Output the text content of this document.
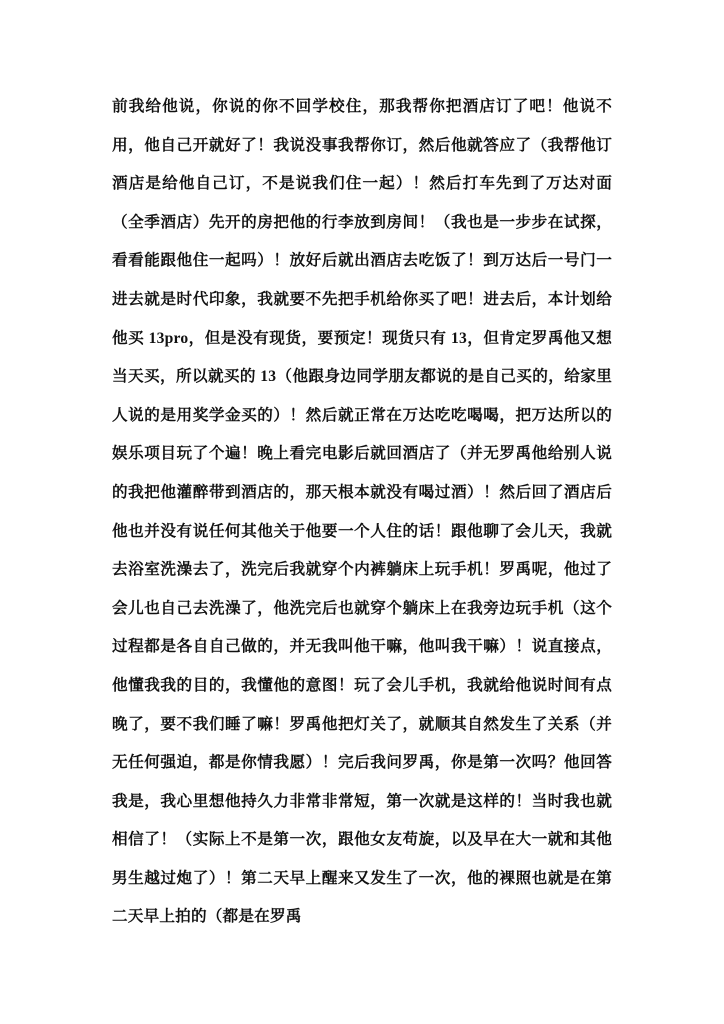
前我给他说，你说的你不回学校住，那我帮你把酒店订了吧！他说不用，他自己开就好了！我说没事我帮你订，然后他就答应了（我帮他订酒店是给他自己订，不是说我们住一起）！然后打车先到了万达对面（全季酒店）先开的房把他的行李放到房间！（我也是一步步在试探，看看能跟他住一起吗）！放好后就出酒店去吃饭了！到万达后一号门一进去就是时代印象，我就要不先把手机给你买了吧！进去后，本计划给他买 13pro，但是没有现货，要预定！现货只有 13，但肯定罗禹他又想当天买，所以就买的 13（他跟身边同学朋友都说的是自己买的，给家里人说的是用奖学金买的）！然后就正常在万达吃吃喝喝，把万达所以的娱乐项目玩了个遍！晚上看完电影后就回酒店了（并无罗禹他给别人说的我把他灌醉带到酒店的，那天根本就没有喝过酒）！然后回了酒店后他也并没有说任何其他关于他要一个人住的话！跟他聊了会儿天，我就去浴室洗澡去了，洗完后我就穿个内裤躺床上玩手机！罗禹呢，他过了会儿也自己去洗澡了，他洗完后也就穿个躺床上在我旁边玩手机（这个过程都是各自自己做的，并无我叫他干嘛，他叫我干嘛）！说直接点，他懂我我的目的，我懂他的意图！玩了会儿手机，我就给他说时间有点晚了，要不我们睡了嘛！罗禹他把灯关了，就顺其自然发生了关系（并无任何强迫，都是你情我愿）！完后我问罗禹，你是第一次吗？他回答我是，我心里想他持久力非常非常短，第一次就是这样的！当时我也就相信了！（实际上不是第一次，跟他女友苟旋，以及早在大一就和其他男生越过炮了）！第二天早上醒来又发生了一次，他的裸照也就是在第二天早上拍的（都是在罗禹
